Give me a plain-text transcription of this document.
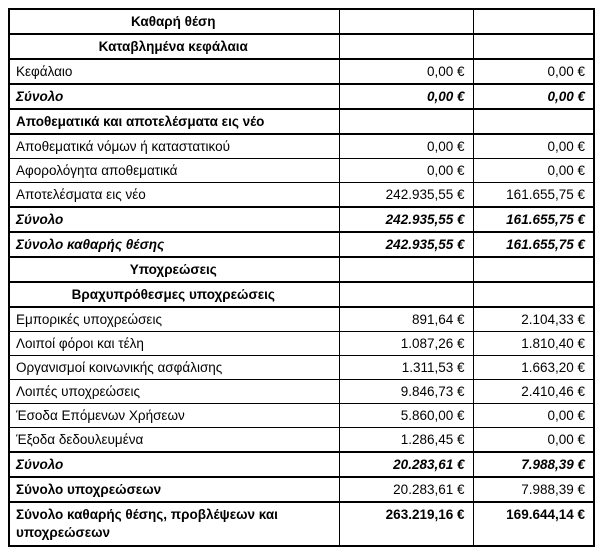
Καθαρή θέση		
Καταβλημένα κεφάλαια		
Κεφάλαιο	0,00 €	0,00 €
Σύνολο	0,00 €	0,00 €
Αποθεματικά και αποτελέσματα εις νέο		
Αποθεματικά νόμων ή καταστατικού	0,00 €	0,00 €
Αφορολόγητα αποθεματικά	0,00 €	0,00 €
Αποτελέσματα εις νέο	242.935,55 €	161.655,75 €
Σύνολο	242.935,55 €	161.655,75 €
Σύνολο καθαρής θέσης	242.935,55 €	161.655,75 €
Υποχρεώσεις		
Βραχυπρόθεσμες υποχρεώσεις		
Εμπορικές υποχρεώσεις	891,64 €	2.104,33 €
Λοιποί φόροι και τέλη	1.087,26 €	1.810,40 €
Οργανισμοί κοινωνικής ασφάλισης	1.311,53 €	1.663,20 €
Λοιπές υποχρεώσεις	9.846,73 €	2.410,46 €
Έσοδα Επόμενων Χρήσεων	5.860,00 €	0,00 €
Έξοδα δεδουλευμένα	1.286,45 €	0,00 €
Σύνολο	20.283,61 €	7.988,39 €
Σύνολο υποχρεώσεων	20.283,61 €	7.988,39 €
Σύνολο καθαρής θέσης, προβλέψεων και υποχρεώσεων	263.219,16 €	169.644,14 €
